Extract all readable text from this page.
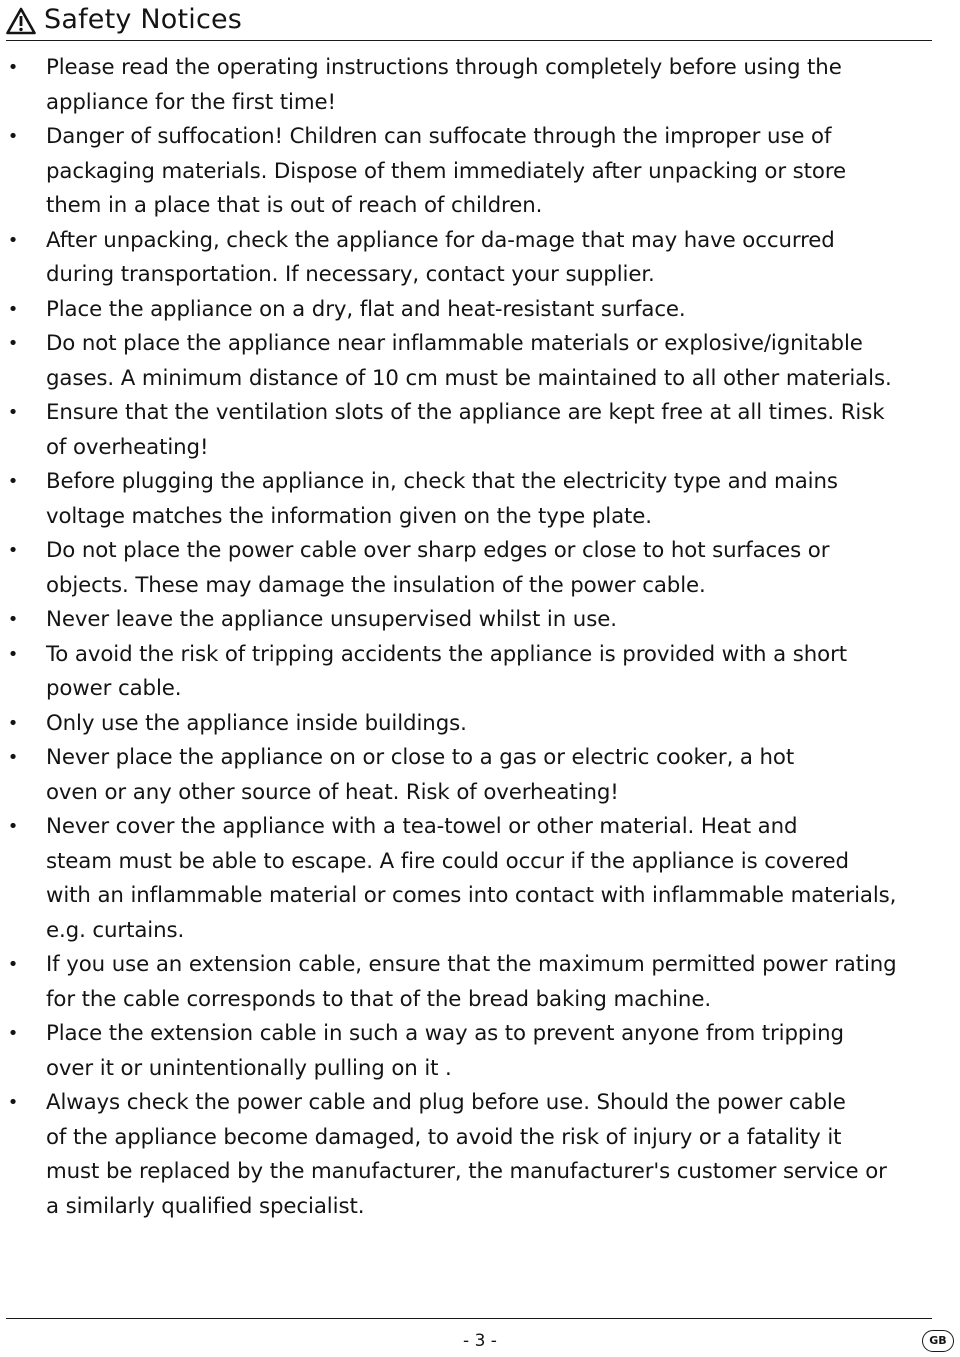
Safety Notices
• Please read the operating instructions through completely before using the
appliance for the first time!
• Danger of suffocation! Children can suffocate through the improper use of
packaging materials. Dispose of them immediately after unpacking or store
them in a place that is out of reach of children.
• After unpacking, check the appliance for da-mage that may have occurred
during transportation. If necessary, contact your supplier.
• Place the appliance on a dry, flat and heat-resistant surface.
• Do not place the appliance near inflammable materials or explosive/ignitable
gases. A minimum distance of 10 cm must be maintained to all other materials.
• Ensure that the ventilation slots of the appliance are kept free at all times. Risk
of overheating!
• Before plugging the appliance in, check that the electricity type and mains
voltage matches the information given on the type plate.
• Do not place the power cable over sharp edges or close to hot surfaces or
objects. These may damage the insulation of the power cable.
• Never leave the appliance unsupervised whilst in use.
• To avoid the risk of tripping accidents the appliance is provided with a short
power cable.
• Only use the appliance inside buildings.
• Never place the appliance on or close to a gas or electric cooker, a hot
oven or any other source of heat. Risk of overheating!
• Never cover the appliance with a tea-towel or other material. Heat and
steam must be able to escape. A fire could occur if the appliance is covered
with an inflammable material or comes into contact with inflammable materials,
e.g. curtains.
• If you use an extension cable, ensure that the maximum permitted power rating
for the cable corresponds to that of the bread baking machine.
• Place the extension cable in such a way as to prevent anyone from tripping
over it or unintentionally pulling on it .
• Always check the power cable and plug before use. Should the power cable
of the appliance become damaged, to avoid the risk of injury or a fatality it
must be replaced by the manufacturer, the manufacturer's customer service or
a similarly qualified specialist.
- 3 -	GB
